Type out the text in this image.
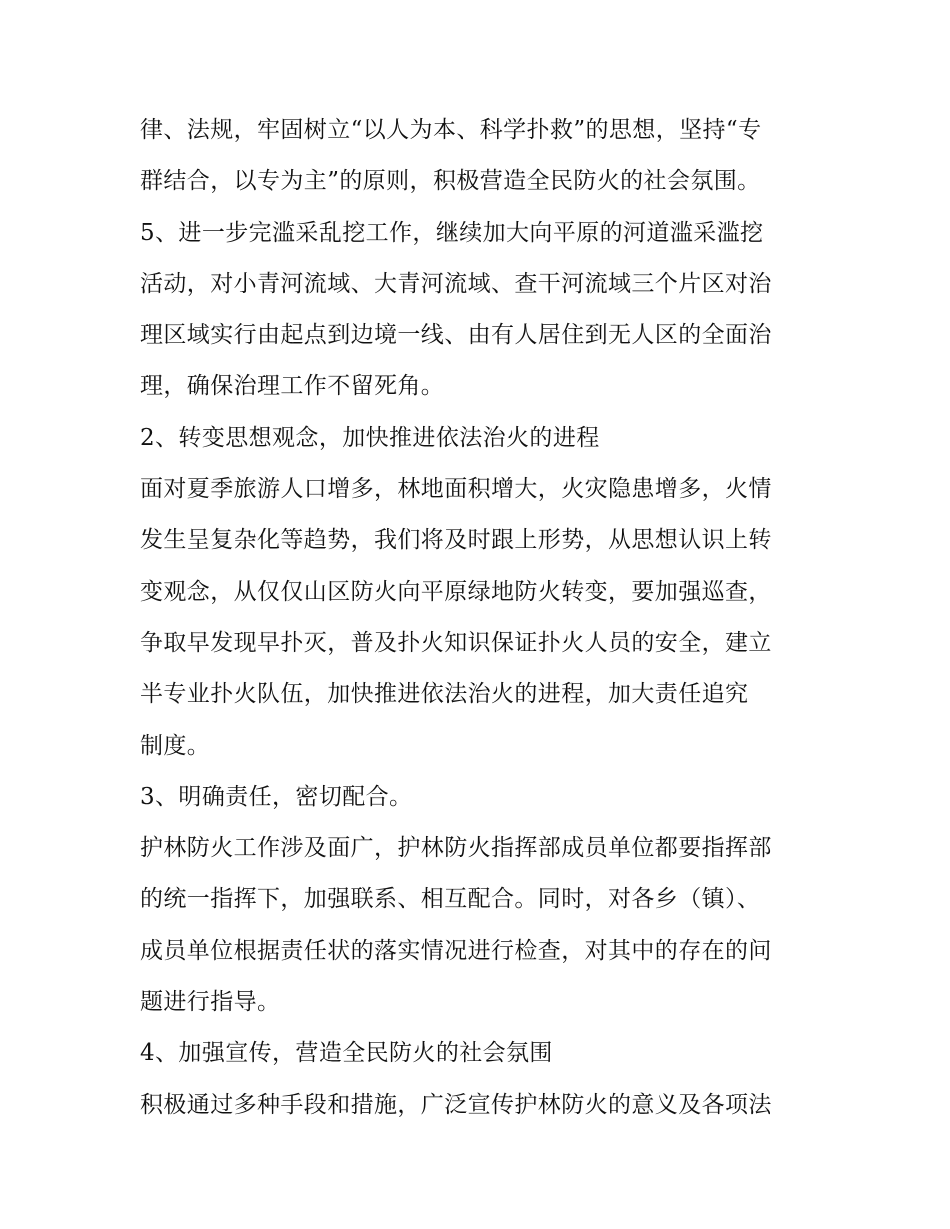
律、法规，牢固树立“以人为本、科学扑救”的思想，坚持“专
群结合，以专为主”的原则，积极营造全民防火的社会氛围。
5、进一步完滥采乱挖工作，继续加大向平原的河道滥采滥挖
活动，对小青河流域、大青河流域、查干河流域三个片区对治
理区域实行由起点到边境一线、由有人居住到无人区的全面治
理，确保治理工作不留死角。
2、转变思想观念，加快推进依法治火的进程
面对夏季旅游人口增多，林地面积增大，火灾隐患增多，火情
发生呈复杂化等趋势，我们将及时跟上形势，从思想认识上转
变观念，从仅仅山区防火向平原绿地防火转变，要加强巡查，
争取早发现早扑灭，普及扑火知识保证扑火人员的安全，建立
半专业扑火队伍，加快推进依法治火的进程，加大责任追究
制度。
3、明确责任，密切配合。
护林防火工作涉及面广，护林防火指挥部成员单位都要指挥部
的统一指挥下，加强联系、相互配合。同时，对各乡（镇）、
成员单位根据责任状的落实情况进行检查，对其中的存在的问
题进行指导。
4、加强宣传，营造全民防火的社会氛围
积极通过多种手段和措施，广泛宣传护林防火的意义及各项法
